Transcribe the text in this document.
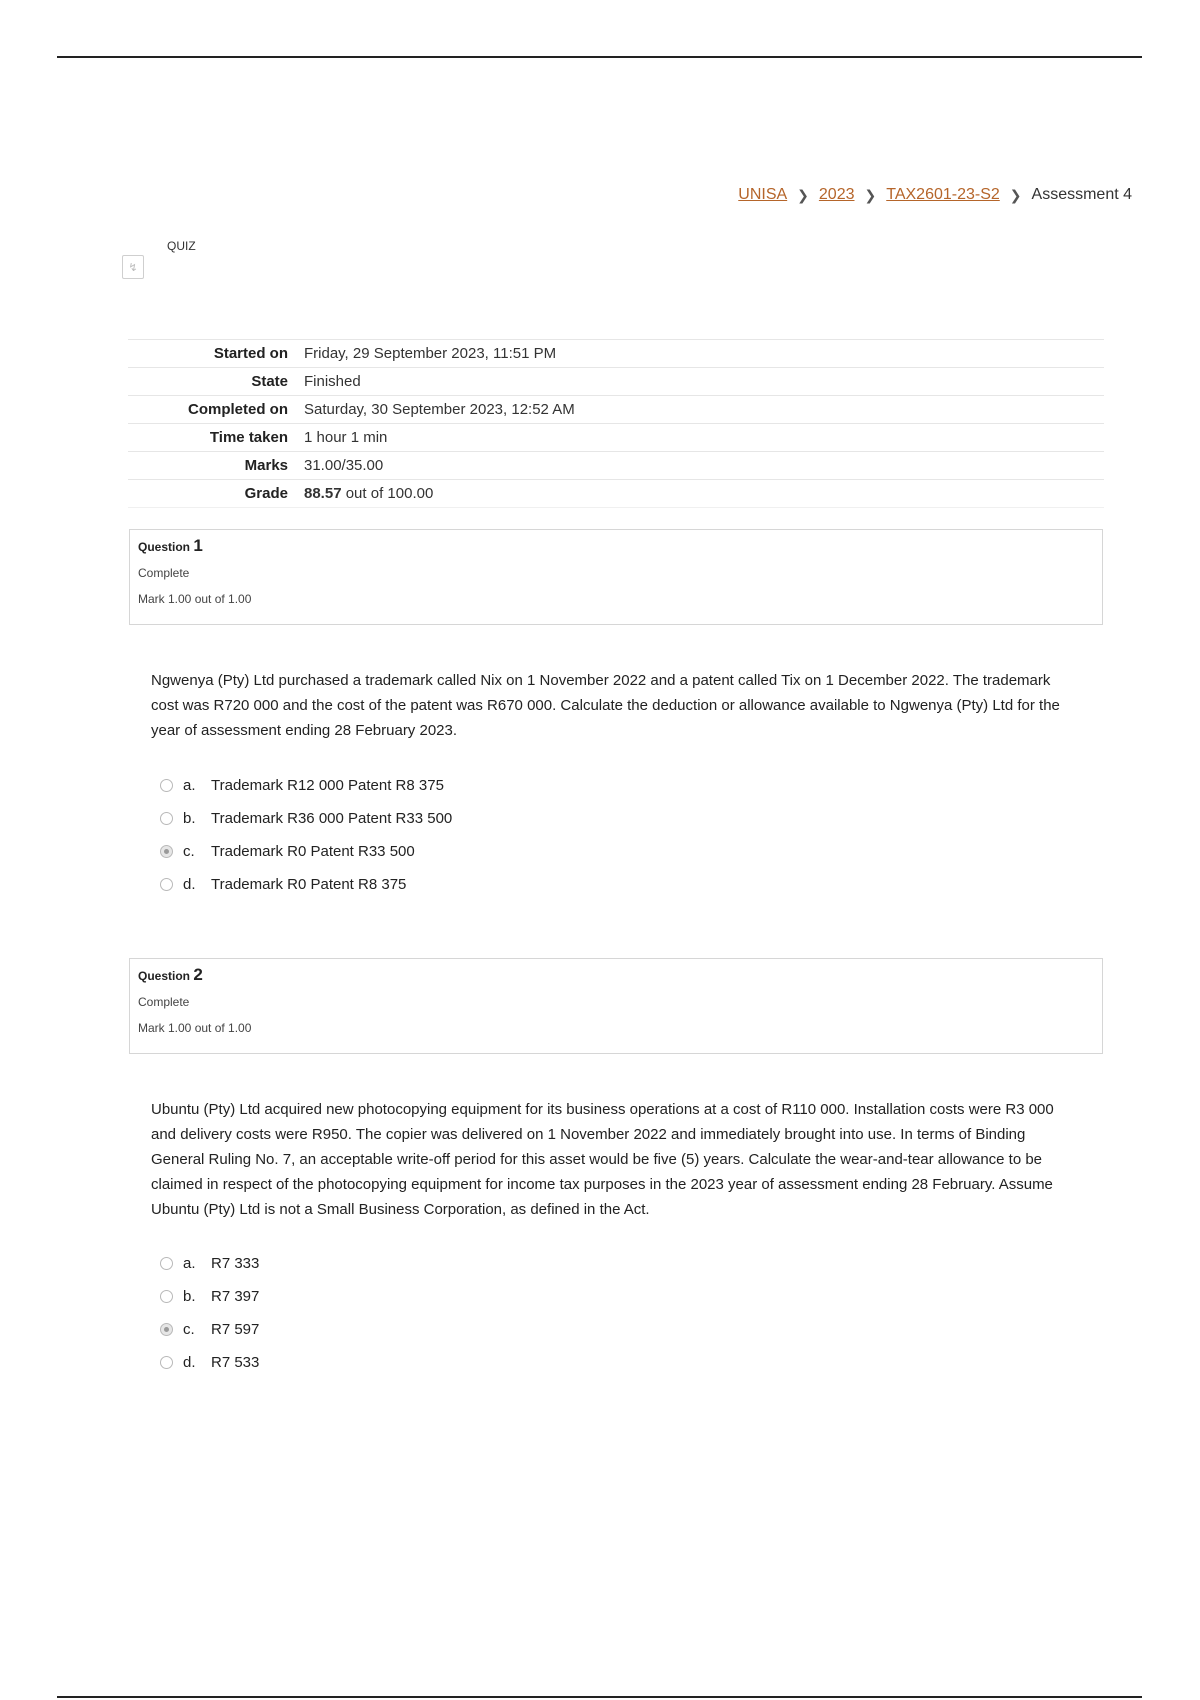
UNISA ❯ 2023 ❯ TAX2601-23-S2 ❯ Assessment 4
↯
QUIZ
Started on	Friday, 29 September 2023, 11:51 PM
State	Finished
Completed on	Saturday, 30 September 2023, 12:52 AM
Time taken	1 hour 1 min
Marks	31.00/35.00
Grade	88.57 out of 100.00
Question 1
Complete
Mark 1.00 out of 1.00
Ngwenya (Pty) Ltd purchased a trademark called Nix on 1 November 2022 and a patent called Tix on 1 December 2022. The trademark cost was R720 000 and the cost of the patent was R670 000. Calculate the deduction or allowance available to Ngwenya (Pty) Ltd for the year of assessment ending 28 February 2023.
a.	Trademark R12 000 Patent R8 375
b.	Trademark R36 000 Patent R33 500
c.	Trademark R0 Patent R33 500
d.	Trademark R0 Patent R8 375
Question 2
Complete
Mark 1.00 out of 1.00
Ubuntu (Pty) Ltd acquired new photocopying equipment for its business operations at a cost of R110 000. Installation costs were R3 000 and delivery costs were R950. The copier was delivered on 1 November 2022 and immediately brought into use. In terms of Binding General Ruling No. 7, an acceptable write-off period for this asset would be five (5) years. Calculate the wear-and-tear allowance to be claimed in respect of the photocopying equipment for income tax purposes in the 2023 year of assessment ending 28 February. Assume Ubuntu (Pty) Ltd is not a Small Business Corporation, as defined in the Act.
a.	R7 333
b.	R7 397
c.	R7 597
d.	R7 533
